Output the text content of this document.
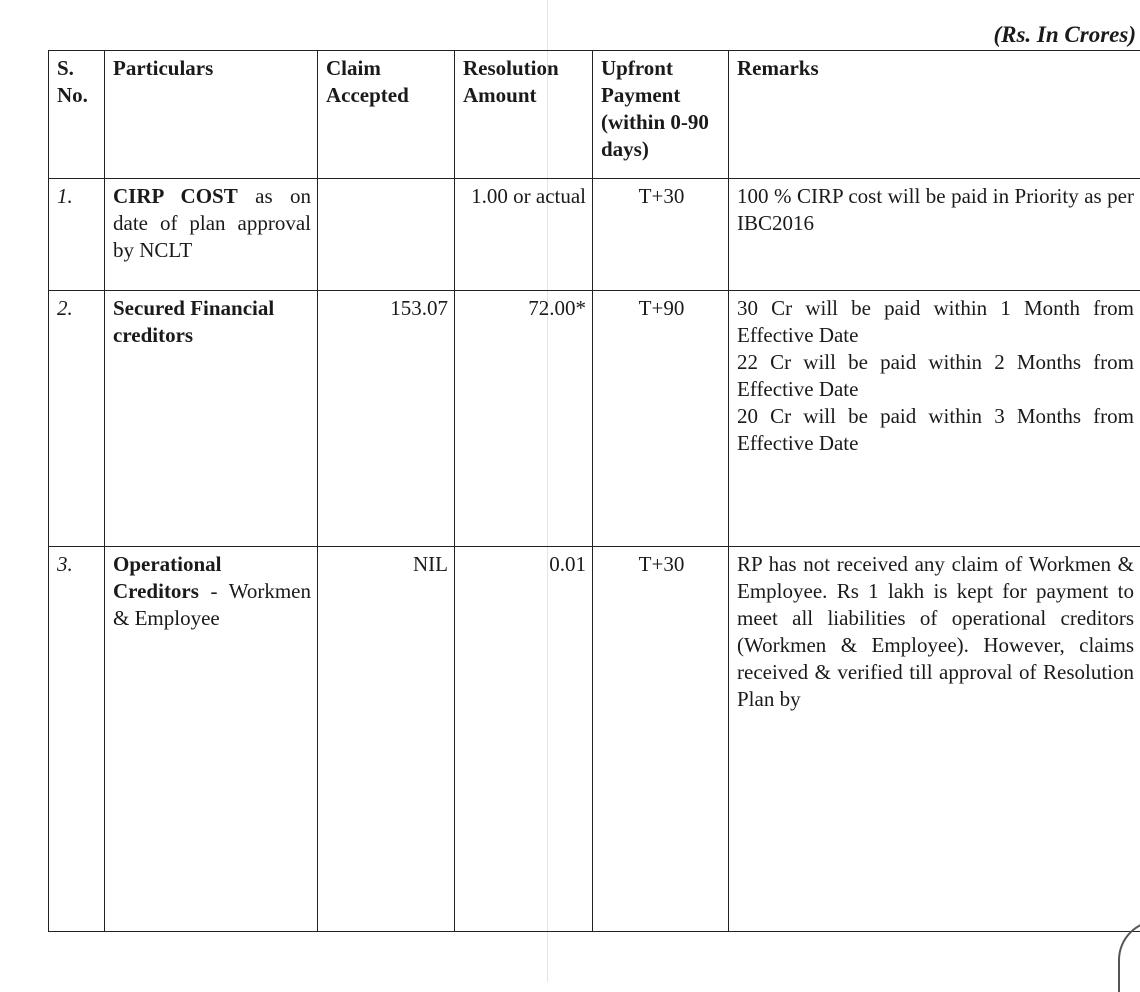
(Rs. In Crores)
S. No.	Particulars	Claim Accepted	Resolution Amount	Upfront Payment (within 0-90 days)	Remarks
1.	CIRP COST as on date of plan approval by NCLT		1.00 or actual	T+30	100 % CIRP cost will be paid in Priority as per IBC2016
2.	Secured Financial creditors	153.07	72.00*	T+90	30 Cr will be paid within 1 Month from Effective Date
22 Cr will be paid within 2 Months from Effective Date
20 Cr will be paid within 3 Months from Effective Date

3.	Operational Creditors - Workmen & Employee	NIL	0.01	T+30	RP has not received any claim of Workmen & Employee. Rs 1 lakh is kept for payment to meet all liabilities of operational creditors (Workmen & Employee). However, claims received & verified till approval of Resolution Plan by
